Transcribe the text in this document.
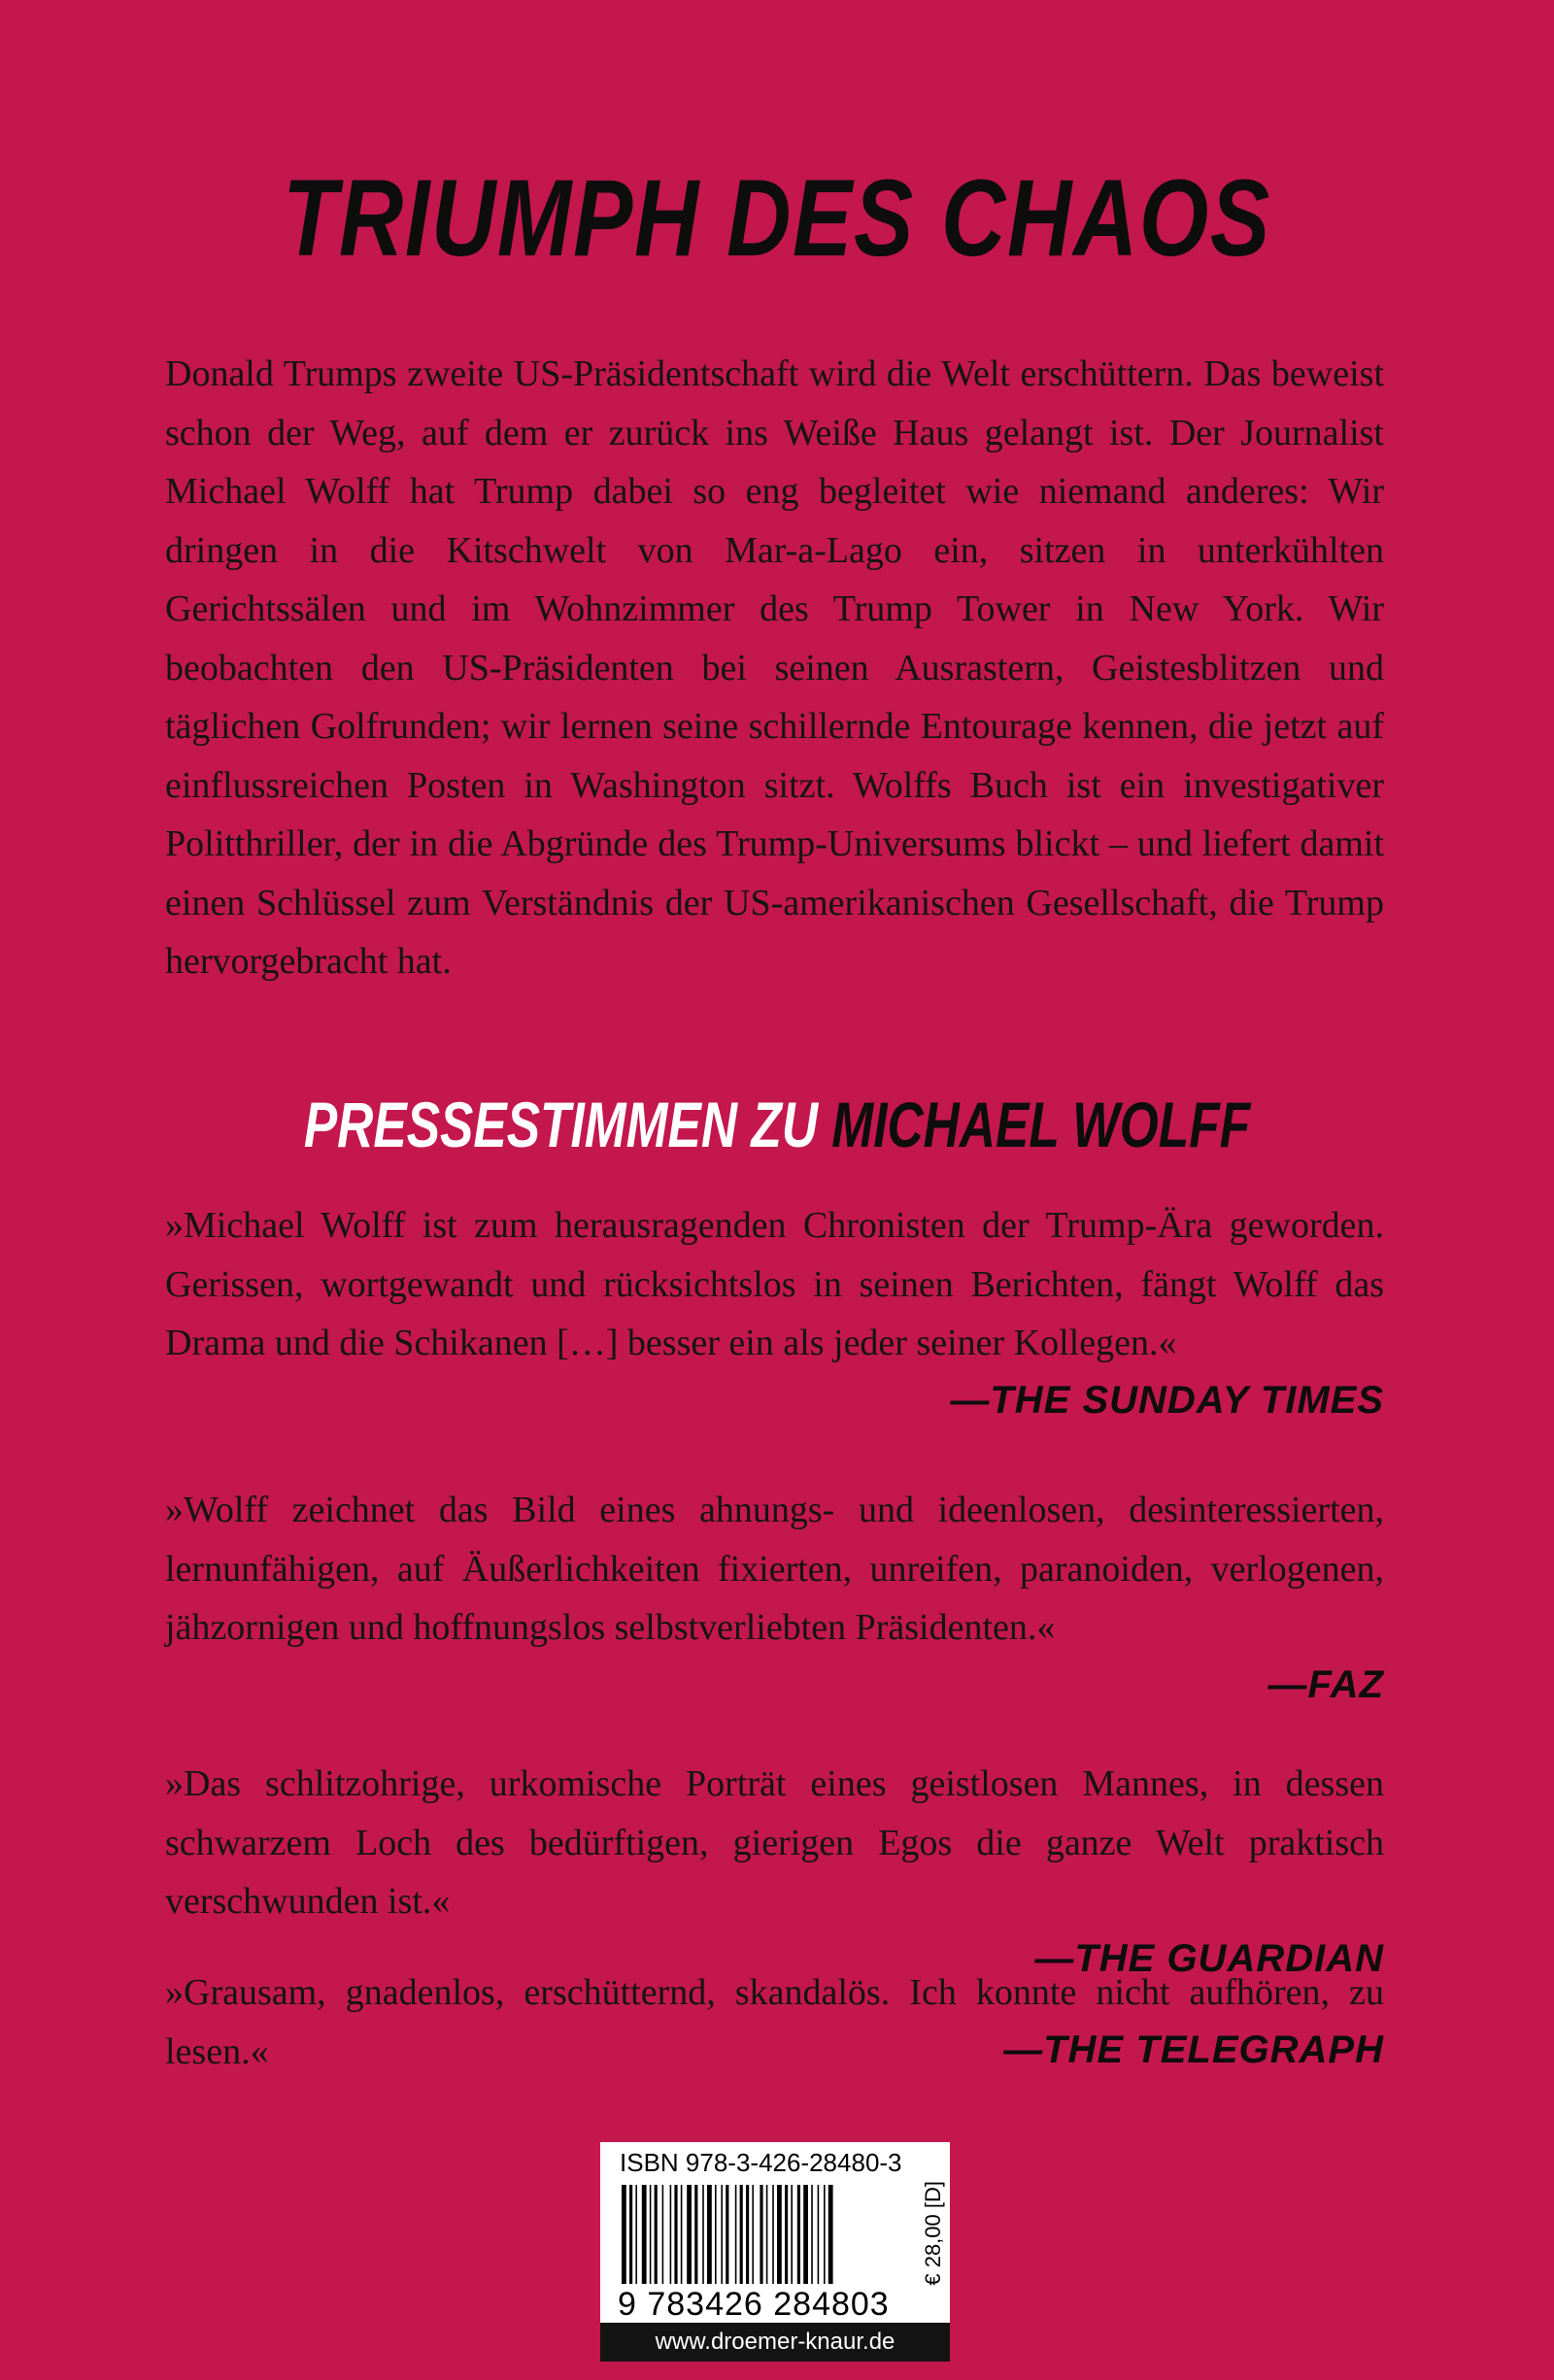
TRIUMPH DES CHAOS

Donald Trumps zweite US-Präsidentschaft wird die Welt erschüttern. Das beweist schon der Weg, auf dem er zurück ins Weiße Haus gelangt ist. Der Journalist Michael Wolff hat Trump dabei so eng begleitet wie niemand anderes: Wir dringen in die Kitschwelt von Mar-a-Lago ein, sitzen in unterkühlten Gerichtssälen und im Wohnzimmer des Trump Tower in New York. Wir beobachten den US-Präsidenten bei seinen Ausrastern, Geistesblitzen und täglichen Golfrunden; wir lernen seine schillernde Entourage kennen, die jetzt auf einflussreichen Posten in Washington sitzt. Wolffs Buch ist ein investigativer Politthriller, der in die Abgründe des Trump-Universums blickt – und liefert damit einen Schlüssel zum Verständnis der US-amerikanischen Gesellschaft, die Trump hervorgebracht hat.

PRESSESTIMMEN ZU MICHAEL WOLFF

»Michael Wolff ist zum herausragenden Chronisten der Trump-Ära geworden. Gerissen, wortgewandt und rücksichtslos in seinen Berichten, fängt Wolff das Drama und die Schikanen […] besser ein als jeder seiner Kollegen.«

—THE SUNDAY TIMES

»Wolff zeichnet das Bild eines ahnungs- und ideenlosen, desinteressierten, lernunfähigen, auf Äußerlichkeiten fixierten, unreifen, paranoiden, verlogenen, jähzornigen und hoffnungslos selbstverliebten Präsidenten.«

—FAZ

»Das schlitzohrige, urkomische Porträt eines geistlosen Mannes, in dessen schwarzem Loch des bedürftigen, gierigen Egos die ganze Welt praktisch verschwunden ist.«

—THE GUARDIAN

»Grausam, gnadenlos, erschütternd, skandalös. Ich konnte nicht aufhören, zu lesen.«	—THE TELEGRAPH
ISBN 978-3-426-28480-3
9 783426 284803
€ 28,00 [D]
www.droemer-knaur.de
